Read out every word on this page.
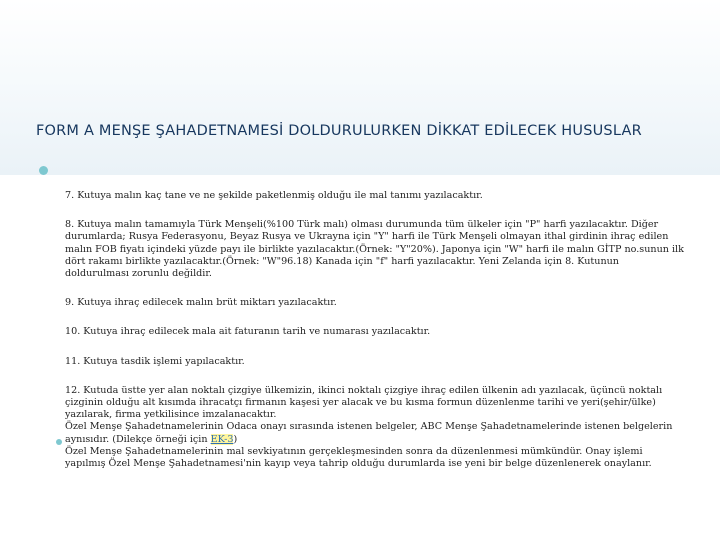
FORM A MENŞE ŞAHADETNAMESİ DOLDURULURKEN DİKKAT EDİLECEK HUSUSLAR

7. Kutuya malın kaç tane ve ne şekilde paketlenmiş olduğu ile mal tanımı yazılacaktır.

8. Kutuya malın tamamıyla Türk Menşeli(%100 Türk malı) olması durumunda tüm ülkeler için "P" harfi yazılacaktır. Diğer durumlarda; Rusya Federasyonu, Beyaz Rusya ve Ukrayna için "Y" harfi ile Türk Menşeli olmayan ithal girdinin ihraç edilen malın FOB fiyatı içindeki yüzde payı ile birlikte yazılacaktır.(Örnek: "Y"20%). Japonya için "W" harfi ile malın GİTP no.sunun ilk dört rakamı birlikte yazılacaktır.(Örnek: "W"96.18) Kanada için "f" harfi yazılacaktır. Yeni Zelanda için 8. Kutunun doldurulması zorunlu değildir.

9. Kutuya ihraç edilecek malın brüt miktarı yazılacaktır.

10. Kutuya ihraç edilecek mala ait faturanın tarih ve numarası yazılacaktır.

11. Kutuya tasdik işlemi yapılacaktır.

12. Kutuda üstte yer alan noktalı çizgiye ülkemizin, ikinci noktalı çizgiye ihraç edilen ülkenin adı yazılacak, üçüncü noktalı çizginin olduğu alt kısımda ihracatçı firmanın kaşesi yer alacak ve bu kısma formun düzenlenme tarihi ve yeri(şehir/ülke) yazılarak, firma yetkilisince imzalanacaktır.

Özel Menşe Şahadetnamelerinin Odaca onayı sırasında istenen belgeler, ABC Menşe Şahadetnamelerinde istenen belgelerin aynısıdır. (Dilekçe örneği için EK-3)

Özel Menşe Şahadetnamelerinin mal sevkiyatının gerçekleşmesinden sonra da düzenlenmesi mümkündür. Onay işlemi yapılmış Özel Menşe Şahadetnamesi'nin kayıp veya tahrip olduğu durumlarda ise yeni bir belge düzenlenerek onaylanır.
